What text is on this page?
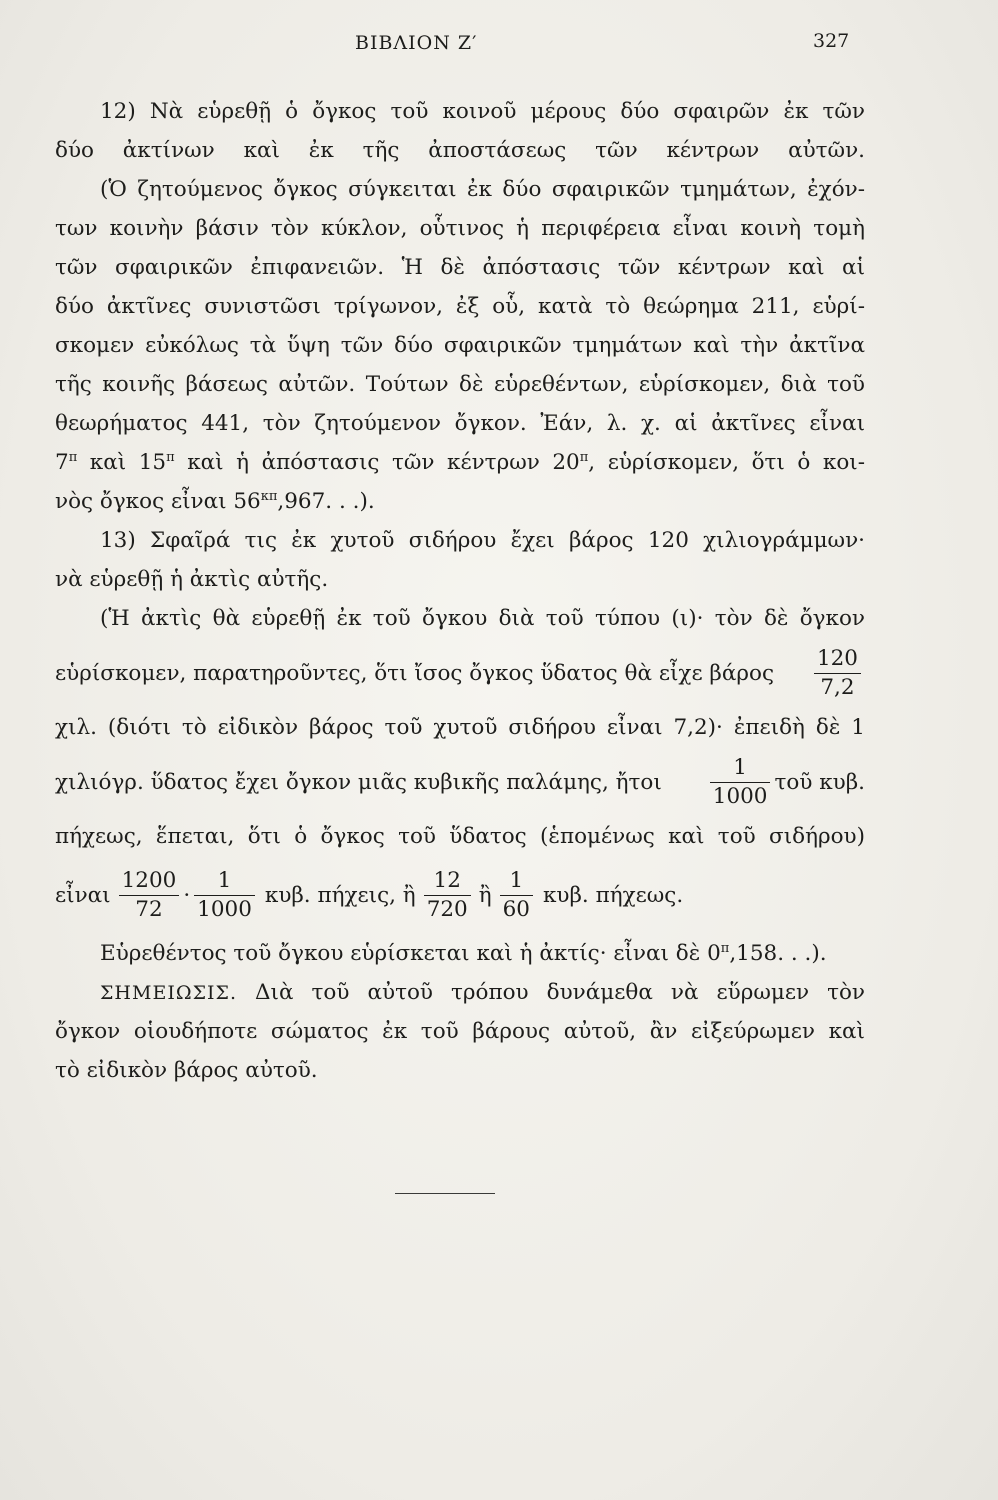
ΒΙΒΛΙΟΝ Ζ′	327
12) Νὰ εὑρεθῇ ὁ ὄγκος τοῦ κοινοῦ μέρους δύο σφαιρῶν ἐκ τῶν
δύο ἀκτίνων καὶ ἐκ τῆς ἀποστάσεως τῶν κέντρων αὐτῶν.
(Ὁ ζητούμενος ὄγκος σύγκειται ἐκ δύο σφαιρικῶν τμημάτων, ἐχόν-
των κοινὴν βάσιν τὸν κύκλον, οὗτινος ἡ περιφέρεια εἶναι κοινὴ τομὴ
τῶν σφαιρικῶν ἐπιφανειῶν. Ἡ δὲ ἀπόστασις τῶν κέντρων καὶ αἱ
δύο ἀκτῖνες συνιστῶσι τρίγωνον, ἐξ οὗ, κατὰ τὸ θεώρημα 211, εὑρί-
σκομεν εὐκόλως τὰ ὕψη τῶν δύο σφαιρικῶν τμημάτων καὶ τὴν ἀκτῖνα
τῆς κοινῆς βάσεως αὐτῶν. Τούτων δὲ εὑρεθέντων, εὑρίσκομεν, διὰ τοῦ
θεωρήματος 441, τὸν ζητούμενον ὄγκον. Ἐάν, λ. χ. αἱ ἀκτῖνες εἶναι
$7^\pi$ καὶ $15^\pi$ καὶ ἡ ἀπόστασις τῶν κέντρων $20^\pi$, εὑρίσκομεν, ὅτι ὁ κοι-
νὸς ὄγκος εἶναι $56^{\kappa\pi},967$. . .).
13) Σφαῖρά τις ἐκ χυτοῦ σιδήρου ἔχει βάρος 120 χιλιογράμμων·
νὰ εὑρεθῇ ἡ ἀκτὶς αὐτῆς.
(Ἡ ἀκτὶς θὰ εὑρεθῇ ἐκ τοῦ ὄγκου διὰ τοῦ τύπου (ι)· τὸν δὲ ὄγκον
εὑρίσκομεν, παρατηροῦντες, ὅτι ἴσος ὄγκος ὕδατος θὰ εἶχε βάρος $\frac{120}{7,2}$
χιλ. (διότι τὸ εἰδικὸν βάρος τοῦ χυτοῦ σιδήρου εἶναι 7,2)· ἐπειδὴ δὲ 1
χιλιόγρ. ὕδατος ἔχει ὄγκον μιᾶς κυβικῆς παλάμης, ἤτοι $\frac{1}{1000}$ τοῦ κυβ.
πήχεως, ἕπεται, ὅτι ὁ ὄγκος τοῦ ὕδατος (ἑπομένως καὶ τοῦ σιδήρου)
εἶναι $\frac{1200}{72} \cdot \frac{1}{1000} \kappa\upsilon\beta$. πήχεις, ἢ $\frac{12}{720}$ ἢ $\frac{1}{60} \kappa\upsilon\beta$. πήχεως.
Εὑρεθέντος τοῦ ὄγκου εὑρίσκεται καὶ ἡ ἀκτίς· εἶναι δὲ $0^\pi,158$. . .).
ΣΗΜΕΙΩΣΙΣ. Διὰ τοῦ αὐτοῦ τρόπου δυνάμεθα νὰ εὕρωμεν τὸν
ὄγκον οἱουδήποτε σώματος ἐκ τοῦ βάρους αὐτοῦ, ἂν εἰξεύρωμεν καὶ
τὸ εἰδικὸν βάρος αὐτοῦ.
